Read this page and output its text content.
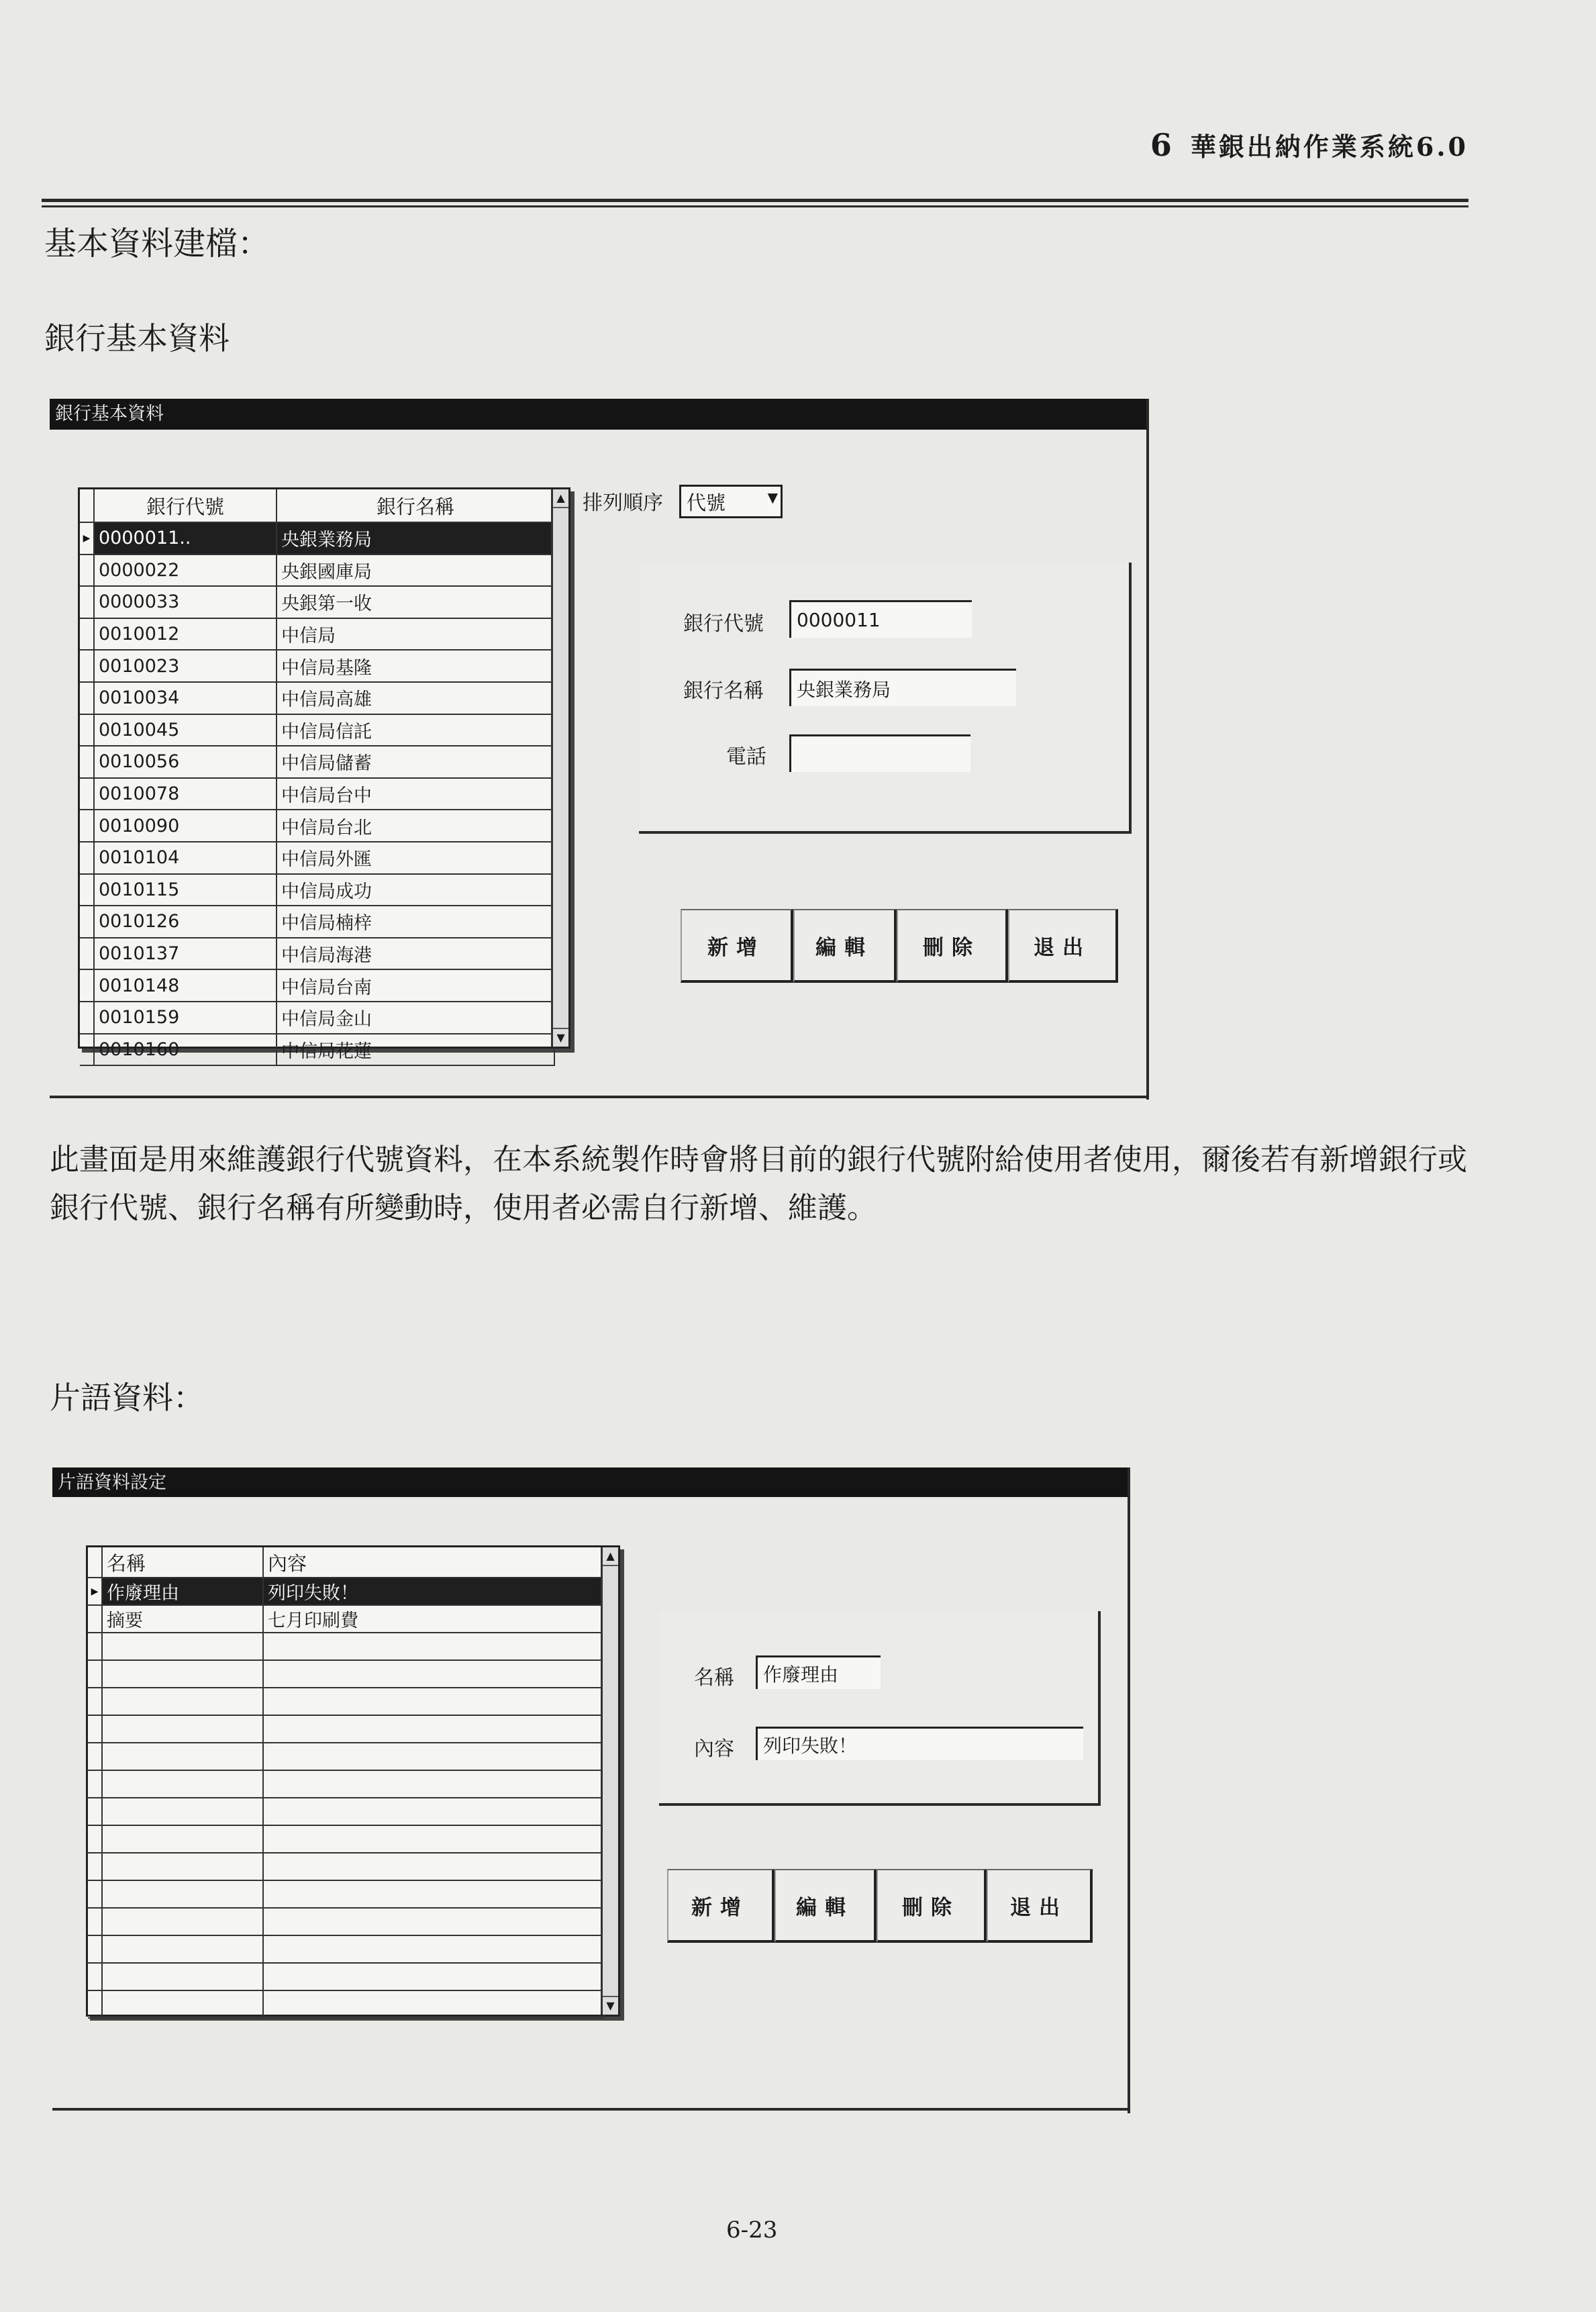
6 華銀出納作業系統6.0
基本資料建檔：
銀行基本資料
銀行基本資料
銀行代號	銀行名稱
▶ 0000011..	央銀業務局
0000022	央銀國庫局
0000033	央銀第一收
0010012	中信局
0010023	中信局基隆
0010034	中信局高雄
0010045	中信局信託
0010056	中信局儲蓄
0010078	中信局台中
0010090	中信局台北
0010104	中信局外匯
0010115	中信局成功
0010126	中信局楠梓
0010137	中信局海港
0010148	中信局台南
0010159	中信局金山
0010160	中信局花蓮
▲
▼
排列順序 代號	▼
銀行代號 0000011
銀行名稱 央銀業務局
電話
新增	編輯	刪除	退出
此畫面是用來維護銀行代號資料，在本系統製作時會將目前的銀行代號附給使用者使用，爾後若有新增銀行或銀行代號、銀行名稱有所變動時，使用者必需自行新增、維護。
片語資料：
片語資料設定
名稱	內容
▶ 作廢理由	列印失敗！
摘要	七月印刷費
▲
▼
名稱 作廢理由
內容 列印失敗！
新增	編輯	刪除	退出
6-23
